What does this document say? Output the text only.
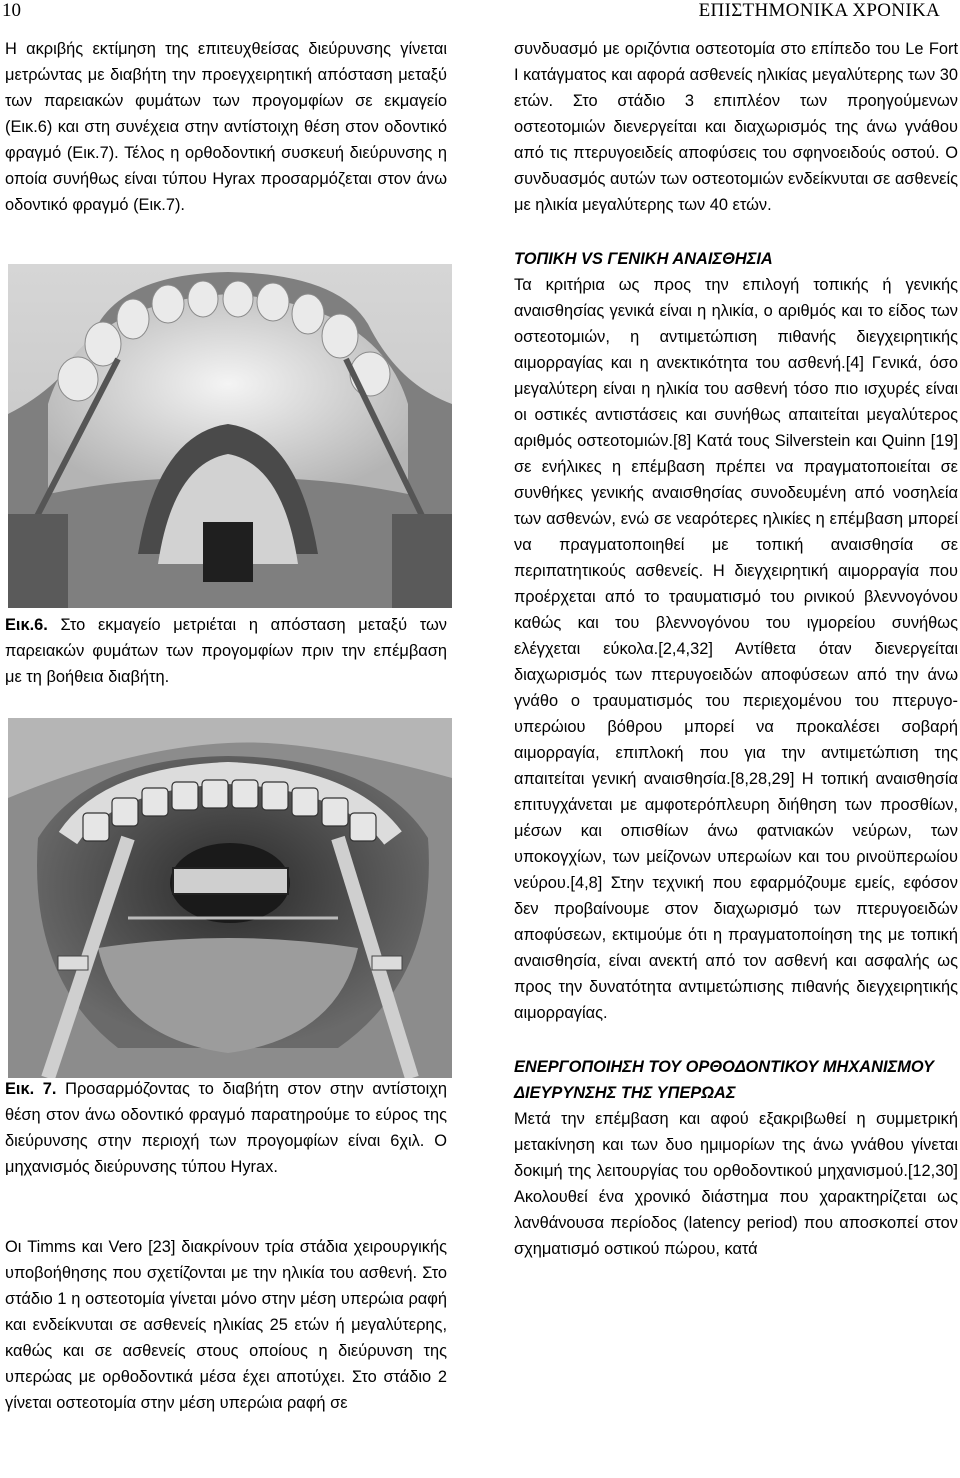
10	ΕΠΙΣΤΗΜΟΝΙΚΑ ΧΡΟΝΙΚΑ

Η ακριβής εκτίμηση της επιτευχθείσας διεύρυνσης γίνεται μετρώντας με διαβήτη την προεγχειρητική απόσταση μεταξύ των παρειακών φυμάτων των προγομφίων σε εκμαγείο (Εικ.6) και στη συνέχεια στην αντίστοιχη θέση στον οδοντικό φραγμό (Εικ.7). Τέλος η ορθοδοντική συσκευή διεύρυνσης η οποία συνήθως είναι τύπου Hyrax προσαρμόζεται στον άνω οδοντικό φραγμό (Εικ.7).

Εικ.6. Στο εκμαγείο μετριέται η απόσταση μεταξύ των παρειακών φυμάτων των προγομφίων πριν την επέμβαση με τη βοήθεια διαβήτη.
Εικ. 7. Προσαρμόζοντας το διαβήτη στον στην αντίστοιχη θέση στον άνω οδοντικό φραγμό παρατηρούμε το εύρος της διεύρυνσης στην περιοχή των προγομφίων είναι 6χιλ. Ο μηχανισμός διεύρυνσης τύπου Hyrax.
Οι Timms και Vero [23] διακρίνουν τρία στάδια χειρουργικής υποβοήθησης που σχετίζονται με την ηλικία του ασθενή. Στο στάδιο 1 η οστεοτομία γίνεται μόνο στην μέση υπερώια ραφή και ενδείκνυται σε ασθενείς ηλικίας 25 ετών ή μεγαλύτερης, καθώς και σε ασθενείς στους οποίους η διεύρυνση της υπερώας με ορθοδοντικά μέσα έχει αποτύχει. Στο στάδιο 2 γίνεται οστεοτομία στην μέση υπερώια ραφή σε

συνδυασμό με οριζόντια οστεοτομία στο επίπεδο του Le Fort I κατάγματος και αφορά ασθενείς ηλικίας μεγαλύτερης των 30 ετών. Στο στάδιο 3 επιπλέον των προηγούμενων οστεοτομιών διενεργείται και διαχωρισμός της άνω γνάθου από τις πτερυγοειδείς αποφύσεις του σφηνοειδούς οστού. Ο συνδυασμός αυτών των οστεοτομιών ενδείκνυται σε ασθενείς με ηλικία μεγαλύτερης των 40 ετών.

ΤΟΠΙΚΗ VS ΓΕΝΙΚΗ ΑΝΑΙΣΘΗΣΙΑ

Τα κριτήρια ως προς την επιλογή τοπικής ή γενικής αναισθησίας γενικά είναι η ηλικία, ο αριθμός και το είδος των οστεοτομιών, η αντιμετώπιση πιθανής διεγχειρητικής αιμορραγίας και η ανεκτικότητα του ασθενή.[4] Γενικά, όσο μεγαλύτερη είναι η ηλικία του ασθενή τόσο πιο ισχυρές είναι οι οστικές αντιστάσεις και συνήθως απαιτείται μεγαλύτερος αριθμός οστεοτομιών.[8] Κατά τους Silverstein και Quinn [19] σε ενήλικες η επέμβαση πρέπει να πραγματοποιείται σε συνθήκες γενικής αναισθησίας συνοδευμένη από νοσηλεία των ασθενών, ενώ σε νεαρότερες ηλικίες η επέμβαση μπορεί να πραγματοποιηθεί με τοπική αναισθησία σε περιπατητικούς ασθενείς. Η διεγχειρητική αιμορραγία που προέρχεται από το τραυματισμό του ρινικού βλεννογόνου καθώς και του βλεννογόνου του ιγμορείου συνήθως ελέγχεται εύκολα.[2,4,32] Αντίθετα όταν διενεργείται διαχωρισμός των πτερυγοειδών αποφύσεων από την άνω γνάθο ο τραυματισμός του περιεχομένου του πτερυγο-υπερώιου βόθρου μπορεί να προκαλέσει σοβαρή αιμορραγία, επιπλοκή που για την αντιμετώπιση της απαιτείται γενική αναισθησία.[8,28,29] Η τοπική αναισθησία επιτυγχάνεται με αμφοτερόπλευρη διήθηση των προσθίων, μέσων και οπισθίων άνω φατνιακών νεύρων, των υποκογχίων, των μείζονων υπερωίων και του ρινοϋπερωίου νεύρου.[4,8] Στην τεχνική που εφαρμόζουμε εμείς, εφόσον δεν προβαίνουμε στον διαχωρισμό των πτερυγοειδών αποφύσεων, εκτιμούμε ότι η πραγματοποίηση της με τοπική αναισθησία, είναι ανεκτή από τον ασθενή και ασφαλής ως προς την δυνατότητα αντιμετώπισης πιθανής διεγχειρητικής αιμορραγίας.

ΕΝΕΡΓΟΠΟΙΗΣΗ ΤΟΥ ΟΡΘΟΔΟΝΤΙΚΟΥ ΜΗΧΑΝΙΣΜΟΥ ΔΙΕΥΡΥΝΣΗΣ ΤΗΣ ΥΠΕΡΩΑΣ

Μετά την επέμβαση και αφού εξακριβωθεί η συμμετρική μετακίνηση και των δυο ημιμορίων της άνω γνάθου γίνεται δοκιμή της λειτουργίας του ορθοδοντικού μηχανισμού.[12,30] Ακολουθεί ένα χρονικό διάστημα που χαρακτηρίζεται ως λανθάνουσα περίοδος (latency period) που αποσκοπεί στον σχηματισμό οστικού πώρου, κατά
